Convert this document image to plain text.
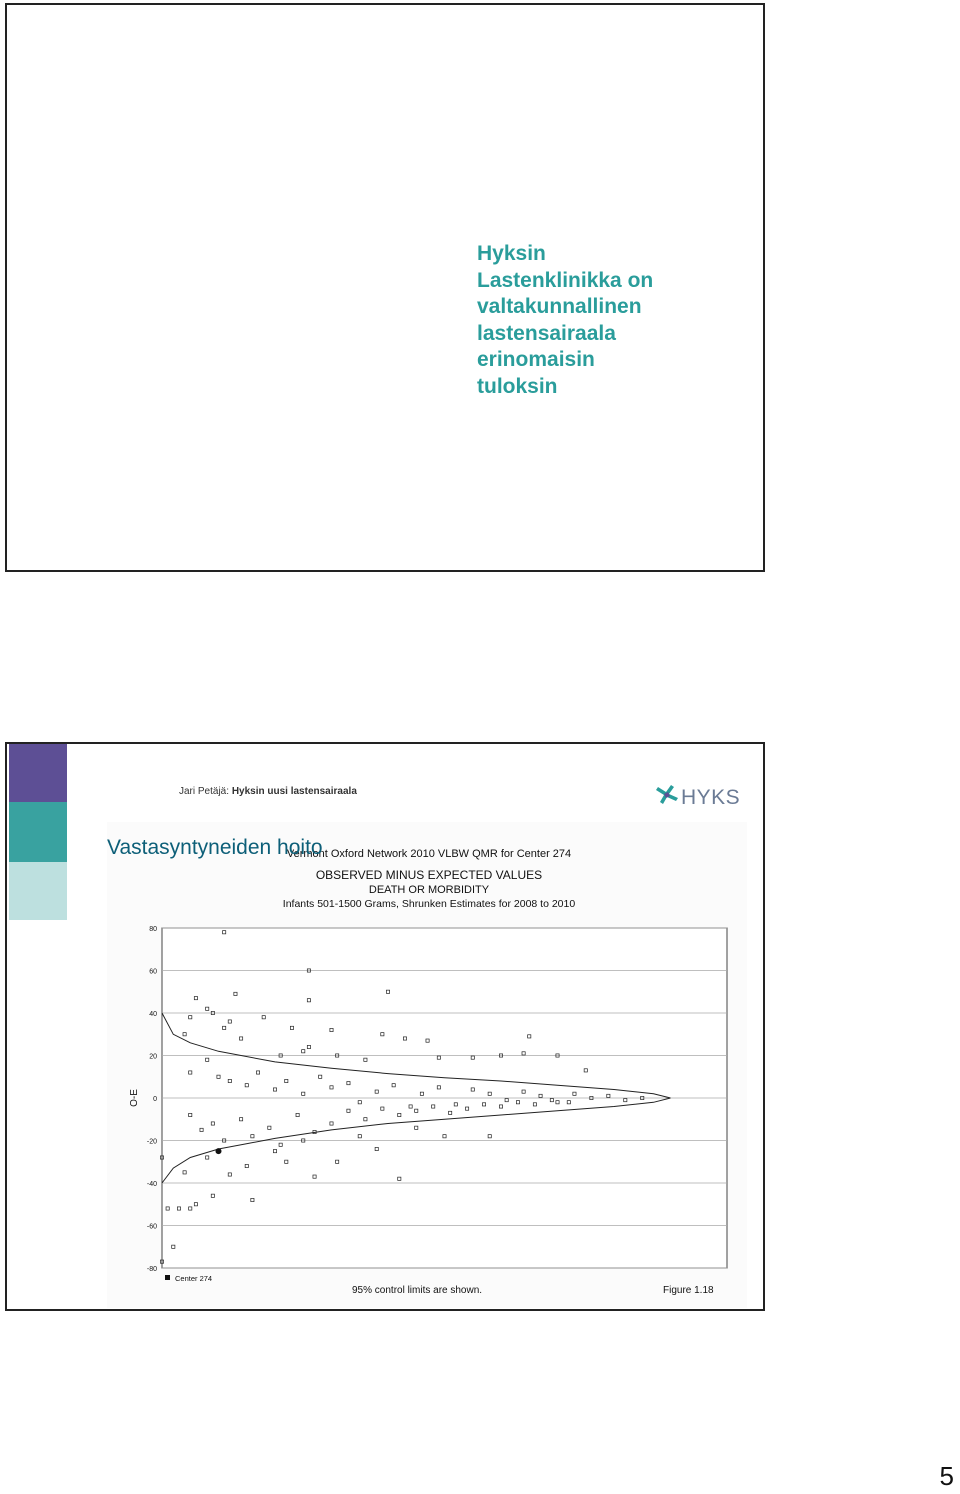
Hyksin
Lastenklinikka on
valtakunnallinen
lastensairaala
erinomaisin
tuloksin
Jari Petäjä: Hyksin uusi lastensairaala	HYKS
Vermont Oxford Network 2010 VLBW QMR for Center 274
OBSERVED MINUS EXPECTED VALUES
DEATH OR MORBIDITY
Infants 501-1500 Grams, Shrunken Estimates for 2008 to 2010
80
60
40
20
0
-20
-40
-60
-80
O-E
Center 274
95% control limits are shown.	Figure 1.18
Vastasyntyneiden hoito
5
